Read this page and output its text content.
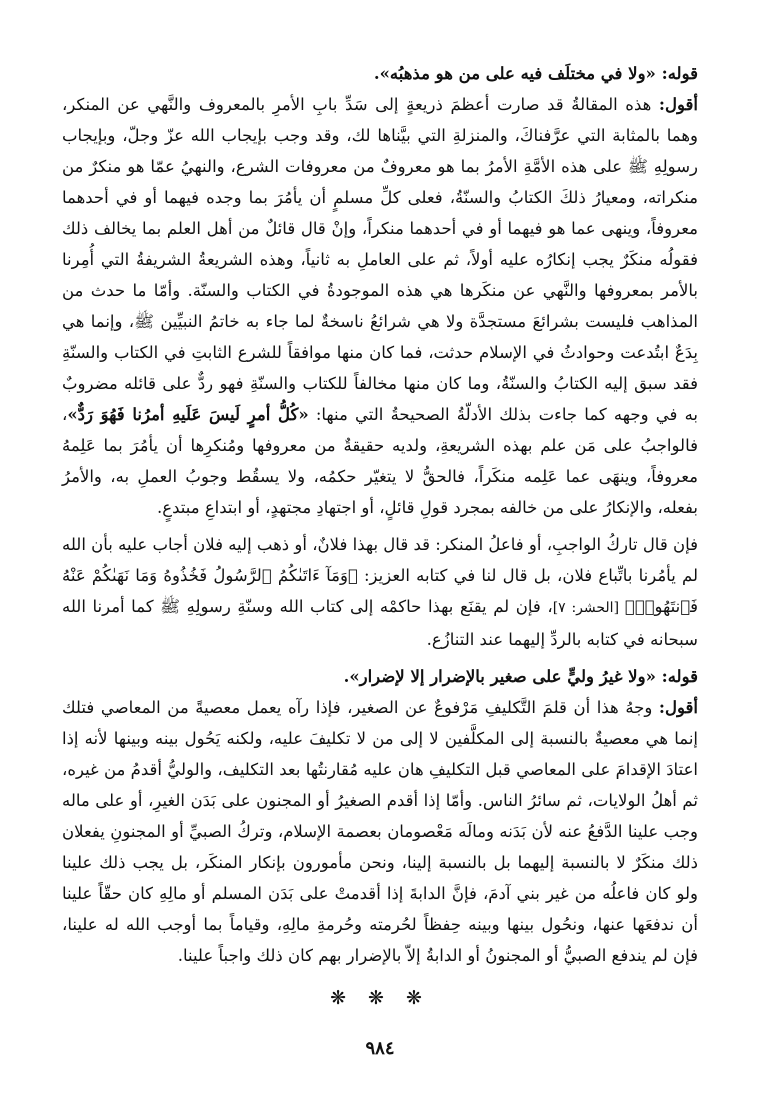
قوله: «ولا في مختلَف فيه على من هو مذهبُه».

أقول: هذه المقالةُ قد صارت أعظمَ ذريعةٍ إلى سَدِّ بابِ الأمرِ بالمعروف والنَّهي عن المنكر، وهما بالمثابة التي عرَّفناكَ، والمنزلةِ التي بيَّناها لك، وقد وجب بإيجاب الله عزّ وجلّ، وبإيجاب رسولِهِ ﷺ على هذه الأمَّةِ الأمرُ بما هو معروفٌ من معروفات الشرع، والنهيُ عمّا هو منكرٌ من منكراته، ومعيارُ ذلكَ الكتابُ والسنّةُ، فعلى كلِّ مسلمٍ أن يأمُرَ بما وجده فيهما أو في أحدهما معروفاً، وينهى عما هو فيهما أو في أحدهما منكراً، وإنْ قال قائلٌ من أهل العلم بما يخالف ذلك فقولُه منكَرٌ يجب إنكارُه عليه أولاً، ثم على العاملِ به ثانياً، وهذه الشريعةُ الشريفةُ التي أُمِرنا بالأمر بمعروفها والنَّهي عن منكَرها هي هذه الموجودةُ في الكتاب والسنّة. وأمّا ما حدث من المذاهب فليست بشرائعَ مستجدَّة ولا هي شرائعُ ناسخةٌ لما جاء به خاتمُ النبيِّين ﷺ، وإنما هي بِدَعٌ ابتُدعت وحوادثُ في الإسلام حدثت، فما كان منها موافقاً للشرع الثابتِ في الكتاب والسنّةِ فقد سبق إليه الكتابُ والسنّةُ، وما كان منها مخالفاً للكتاب والسنّةِ فهو ردٌّ على قائله مضروبٌ به في وجهه كما جاءت بذلك الأدلّةُ الصحيحةُ التي منها: «كُلُّ أمرٍ لَيسَ عَلَيهِ أمرُنا فَهُوَ رَدٌّ»، فالواجبُ على مَن علم بهذه الشريعةِ، ولديه حقيقةٌ من معروفها ومُنكرِها أن يأمُرَ بما عَلِمهُ معروفاً، وينهَى عما عَلِمه منكَراً، فالحقُّ لا يتغيّر حكمُه، ولا يسقُط وجوبُ العملِ به، والأمرُ بفعله، والإنكارُ على من خالفه بمجرد قولِ قائلٍ، أو اجتهادِ مجتهدٍ، أو ابتداعِ مبتدعٍ.

فإن قال تاركُ الواجبِ، أو فاعلُ المنكر: قد قال بهذا فلانٌ، أو ذهب إليه فلان أجاب عليه بأن الله لم يأمُرنا باتِّباع فلان، بل قال لنا في كتابه العزيز: ﴿وَمَآ ءَاتَىٰكُمُ ٱلرَّسُولُ فَخُذُوهُ وَمَا نَهَىٰكُمْ عَنْهُ فَٱنتَهُوا۟﴾ [الحشر: ٧]، فإن لم يقنَع بهذا حاكمْه إلى كتاب الله وسنّةِ رسولِهِ ﷺ كما أمرنا الله سبحانه في كتابه بالردِّ إليهما عند التنازُع.

قوله: «ولا غيرُ وليٍّ على صغير بالإضرار إلا لإضرار».

أقول: وجهُ هذا أن قلمَ التَّكليفِ مَرْفوعٌ عن الصغير، فإذا رآه يعمل معصيةً من المعاصي فتلك إنما هي معصيةٌ بالنسبة إلى المكلَّفين لا إلى من لا تكليفَ عليه، ولكنه يَحُول بينه وبينها لأنه إذا اعتادَ الإقدامَ على المعاصي قبل التكليفِ هان عليه مُقارنتُها بعد التكليف، والوليُّ أقدمُ من غيره، ثم أهلُ الولايات، ثم سائرُ الناس. وأمّا إذا أقدم الصغيرُ أو المجنون على بَدَن الغيرِ، أو على ماله وجب علينا الدَّفعُ عنه لأن بَدَنه ومالَه مَعْصومان بعصمة الإسلام، وتركُ الصبيِّ أو المجنونِ يفعلان ذلك منكَرٌ لا بالنسبة إليهما بل بالنسبة إلينا، ونحن مأمورون بإنكار المنكَر، بل يجب ذلك علينا ولو كان فاعلُه من غير بني آدمَ، فإنَّ الدابةَ إذا أقدمتْ على بَدَن المسلم أو مالِهِ كان حقّاً علينا أن ندفعَها عنها، ونحُول بينها وبينه حِفظاً لحُرمته وحُرمةِ مالِهِ، وقياماً بما أوجب الله له علينا، فإن لم يندفع الصبيُّ أو المجنونُ أو الدابةُ إلاّ بالإضرار بهم كان ذلك واجباً علينا.

❋ ❋ ❋
٩٨٤
